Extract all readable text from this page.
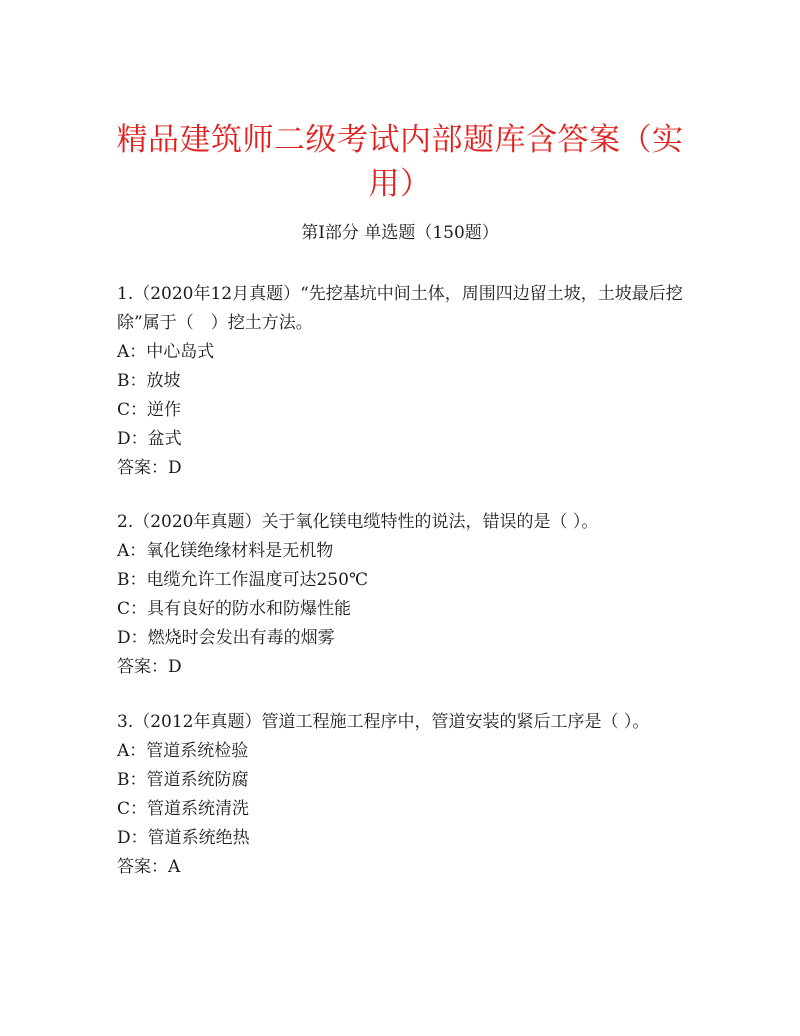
精品建筑师二级考试内部题库含答案（实用）
第Ⅰ部分 单选题（150题）

1.（2020年12月真题）“先挖基坑中间土体，周围四边留土坡，土坡最后挖除”属于（　）挖土方法。

A：中心岛式

B：放坡

C：逆作

D：盆式

答案：D

2.（2020年真题）关于氧化镁电缆特性的说法，错误的是（ ）。

A：氧化镁绝缘材料是无机物

B：电缆允许工作温度可达250℃

C：具有良好的防水和防爆性能

D：燃烧时会发出有毒的烟雾

答案：D

3.（2012年真题）管道工程施工程序中，管道安装的紧后工序是（ ）。

A：管道系统检验

B：管道系统防腐

C：管道系统清洗

D：管道系统绝热

答案：A
